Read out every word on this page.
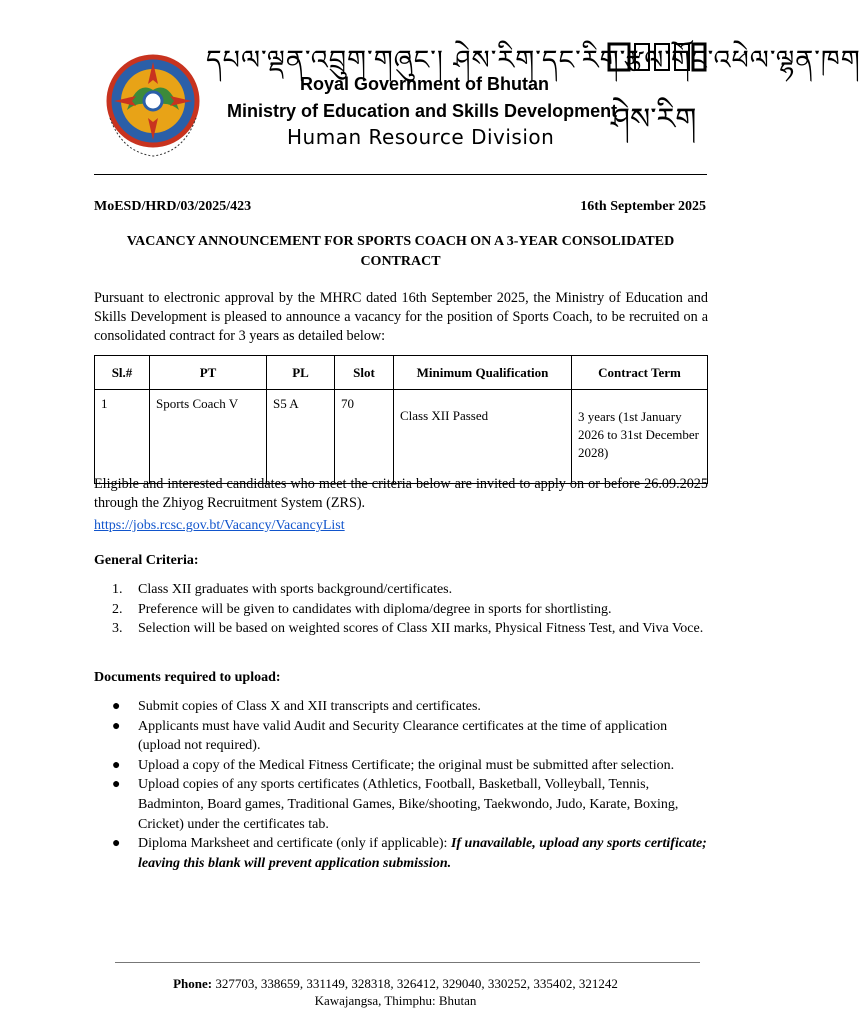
དཔལ་ལྡན་འབྲུག་གཞུང་། ཤེས་རིག་དང་རིག་རྩལ་གོང་འཕེལ་ལྷན་ཁག
Royal Government of Bhutan
Ministry of Education and Skills Development
Human Resource Division ཤེས་རིག
MoESD/HRD/03/2025/423	16th September 2025
VACANCY ANNOUNCEMENT FOR SPORTS COACH ON A 3-YEAR CONSOLIDATED CONTRACT
Pursuant to electronic approval by the MHRC dated 16th September 2025, the Ministry of Education and Skills Development is pleased to announce a vacancy for the position of Sports Coach, to be recruited on a consolidated contract for 3 years as detailed below:
Sl.#	PT	PL	Slot	Minimum Qualification	Contract Term
1	Sports Coach V	S5 A	70	Class XII Passed	3 years (1st January 2026 to 31st December 2028)
Eligible and interested candidates who meet the criteria below are invited to apply on or before 26.09.2025 through the Zhiyog Recruitment System (ZRS).
https://jobs.rcsc.gov.bt/Vacancy/VacancyList
General Criteria:
1. Class XII graduates with sports background/certificates.
2. Preference will be given to candidates with diploma/degree in sports for shortlisting.
3. Selection will be based on weighted scores of Class XII marks, Physical Fitness Test, and Viva Voce.
Documents required to upload:
● Submit copies of Class X and XII transcripts and certificates.
● Applicants must have valid Audit and Security Clearance certificates at the time of application (upload not required).
● Upload a copy of the Medical Fitness Certificate; the original must be submitted after selection.
● Upload copies of any sports certificates (Athletics, Football, Basketball, Volleyball, Tennis, Badminton, Board games, Traditional Games, Bike/shooting, Taekwondo, Judo, Karate, Boxing, Cricket) under the certificates tab.
● Diploma Marksheet and certificate (only if applicable): If unavailable, upload any sports certificate; leaving this blank will prevent application submission.
Phone: 327703, 338659, 331149, 328318, 326412, 329040, 330252, 335402, 321242
Kawajangsa, Thimphu: Bhutan
